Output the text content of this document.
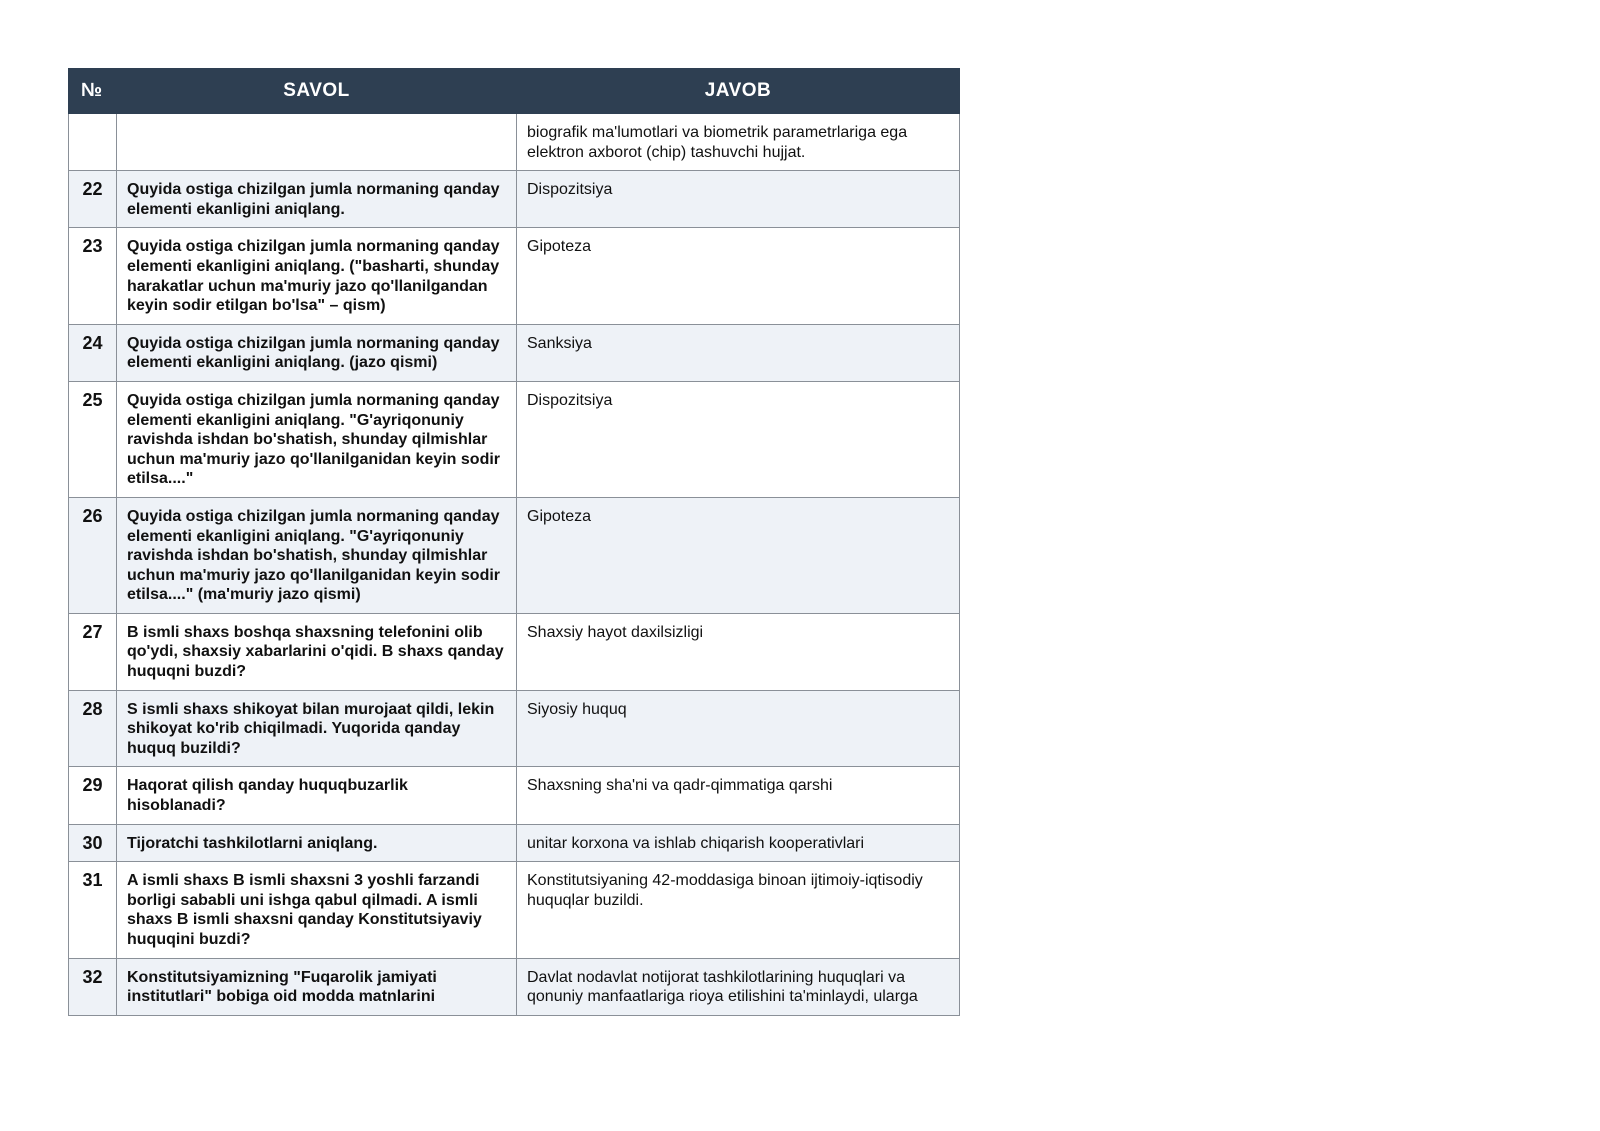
№	SAVOL	JAVOB
		biografik ma'lumotlari va biometrik parametrlariga ega elektron axborot (chip) tashuvchi hujjat.
22	Quyida ostiga chizilgan jumla normaning qanday elementi ekanligini aniqlang.	Dispozitsiya
23	Quyida ostiga chizilgan jumla normaning qanday elementi ekanligini aniqlang. ("basharti, shunday harakatlar uchun ma'muriy jazo qo'llanilgandan keyin sodir etilgan bo'lsa" – qism)	Gipoteza
24	Quyida ostiga chizilgan jumla normaning qanday elementi ekanligini aniqlang. (jazo qismi)	Sanksiya
25	Quyida ostiga chizilgan jumla normaning qanday elementi ekanligini aniqlang. "G'ayriqonuniy ravishda ishdan bo'shatish, shunday qilmishlar uchun ma'muriy jazo qo'llanilganidan keyin sodir etilsa...."	Dispozitsiya
26	Quyida ostiga chizilgan jumla normaning qanday elementi ekanligini aniqlang. "G'ayriqonuniy ravishda ishdan bo'shatish, shunday qilmishlar uchun ma'muriy jazo qo'llanilganidan keyin sodir etilsa...." (ma'muriy jazo qismi)	Gipoteza
27	B ismli shaxs boshqa shaxsning telefonini olib qo'ydi, shaxsiy xabarlarini o'qidi. B shaxs qanday huquqni buzdi?	Shaxsiy hayot daxilsizligi
28	S ismli shaxs shikoyat bilan murojaat qildi, lekin shikoyat ko'rib chiqilmadi. Yuqorida qanday huquq buzildi?	Siyosiy huquq
29	Haqorat qilish qanday huquqbuzarlik hisoblanadi?	Shaxsning sha'ni va qadr-qimmatiga qarshi
30	Tijoratchi tashkilotlarni aniqlang.	unitar korxona va ishlab chiqarish kooperativlari
31	A ismli shaxs B ismli shaxsni 3 yoshli farzandi borligi sababli uni ishga qabul qilmadi. A ismli shaxs B ismli shaxsni qanday Konstitutsiyaviy huquqini buzdi?	Konstitutsiyaning 42-moddasiga binoan ijtimoiy-iqtisodiy huquqlar buzildi.
32	Konstitutsiyamizning "Fuqarolik jamiyati institutlari" bobiga oid modda matnlarini	Davlat nodavlat notijorat tashkilotlarining huquqlari va qonuniy manfaatlariga rioya etilishini ta'minlaydi, ularga
